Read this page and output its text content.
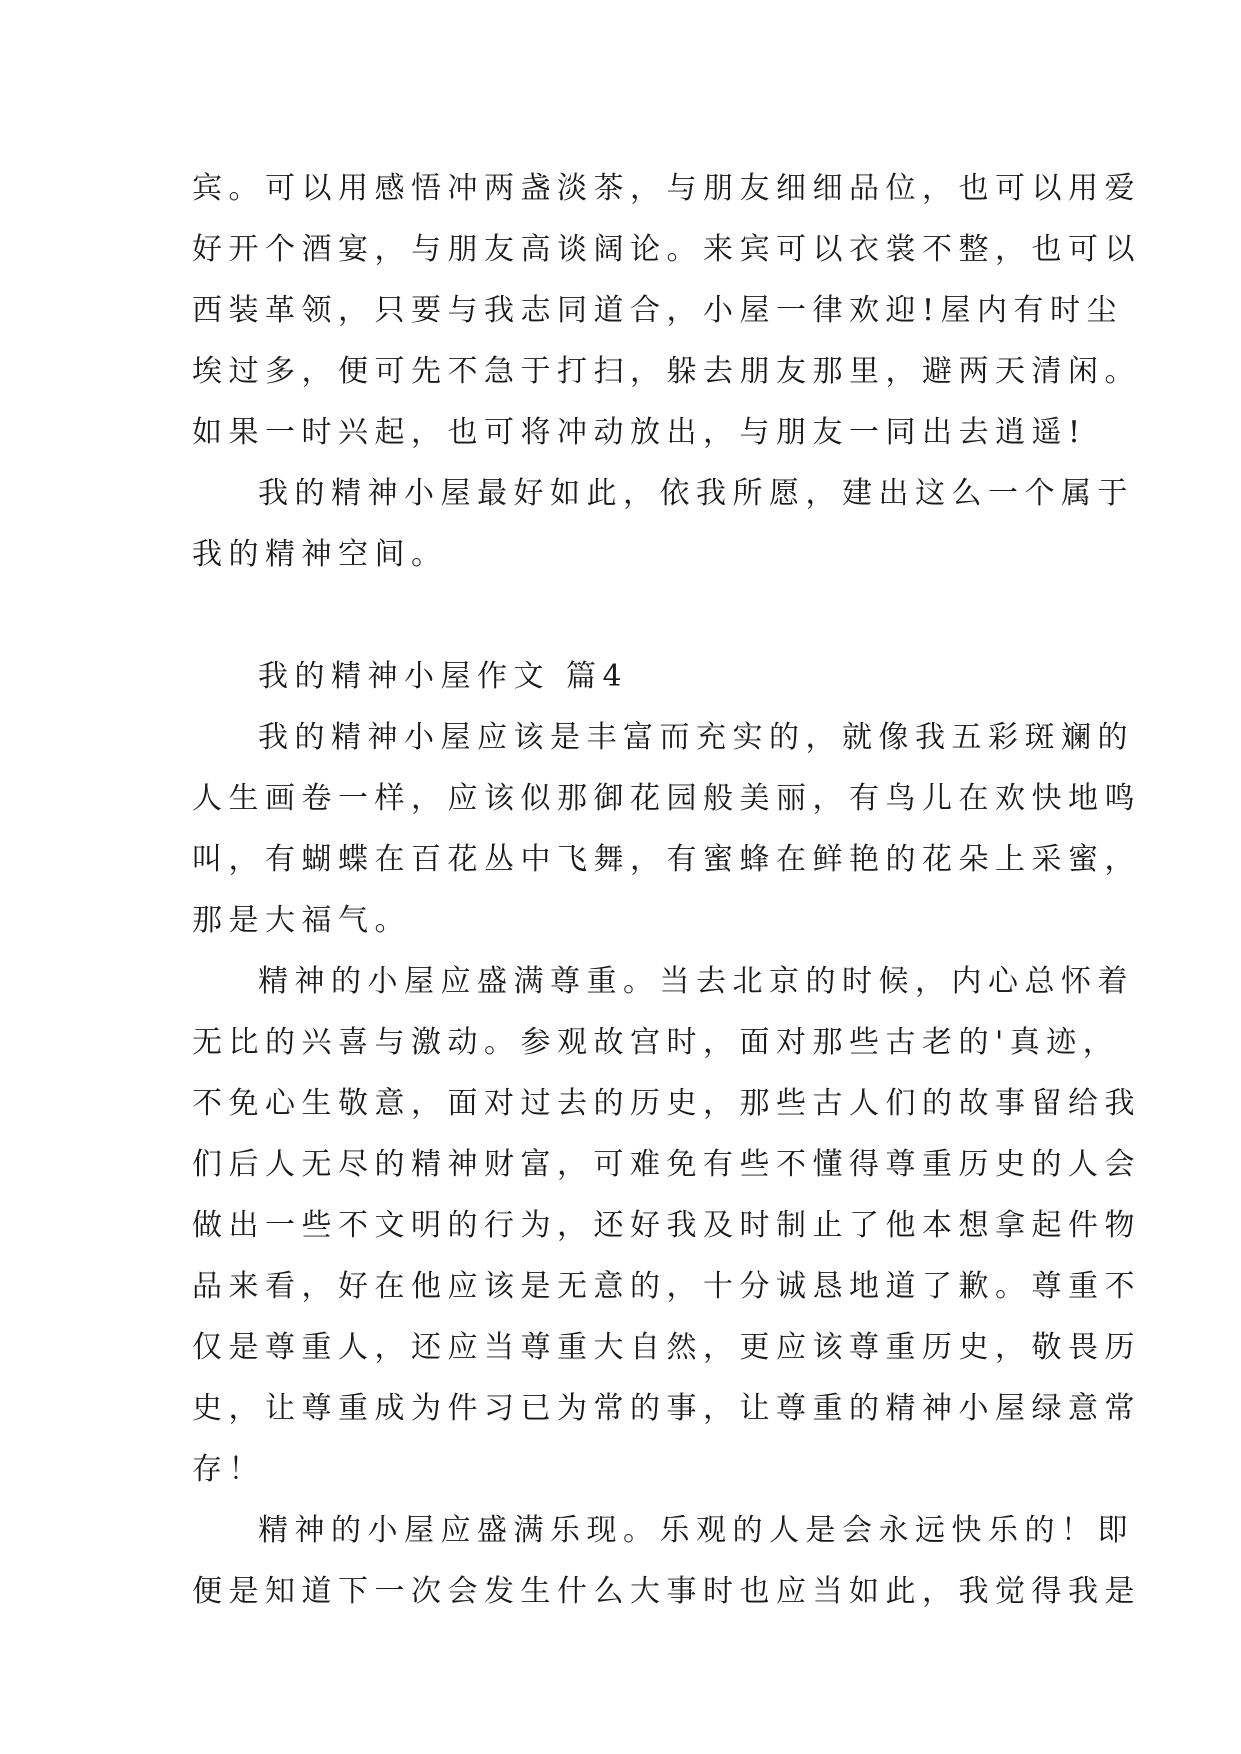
宾。可以用感悟冲两盏淡茶，与朋友细细品位，也可以用爱
好开个酒宴，与朋友高谈阔论。来宾可以衣裳不整，也可以
西装革领，只要与我志同道合，小屋一律欢迎!屋内有时尘
埃过多，便可先不急于打扫，躲去朋友那里，避两天清闲。
如果一时兴起，也可将冲动放出，与朋友一同出去逍遥!
我的精神小屋最好如此，依我所愿，建出这么一个属于
我的精神空间。
我的精神小屋作文 篇4
我的精神小屋应该是丰富而充实的，就像我五彩斑斓的
人生画卷一样，应该似那御花园般美丽，有鸟儿在欢快地鸣
叫，有蝴蝶在百花丛中飞舞，有蜜蜂在鲜艳的花朵上采蜜，
那是大福气。
精神的小屋应盛满尊重。当去北京的时候，内心总怀着
无比的兴喜与激动。参观故宫时，面对那些古老的'真迹，
不免心生敬意，面对过去的历史，那些古人们的故事留给我
们后人无尽的精神财富，可难免有些不懂得尊重历史的人会
做出一些不文明的行为，还好我及时制止了他本想拿起件物
品来看，好在他应该是无意的，十分诚恳地道了歉。尊重不
仅是尊重人，还应当尊重大自然，更应该尊重历史，敬畏历
史，让尊重成为件习已为常的事，让尊重的精神小屋绿意常
存！
精神的小屋应盛满乐现。乐观的人是会永远快乐的！即
便是知道下一次会发生什么大事时也应当如此，我觉得我是
